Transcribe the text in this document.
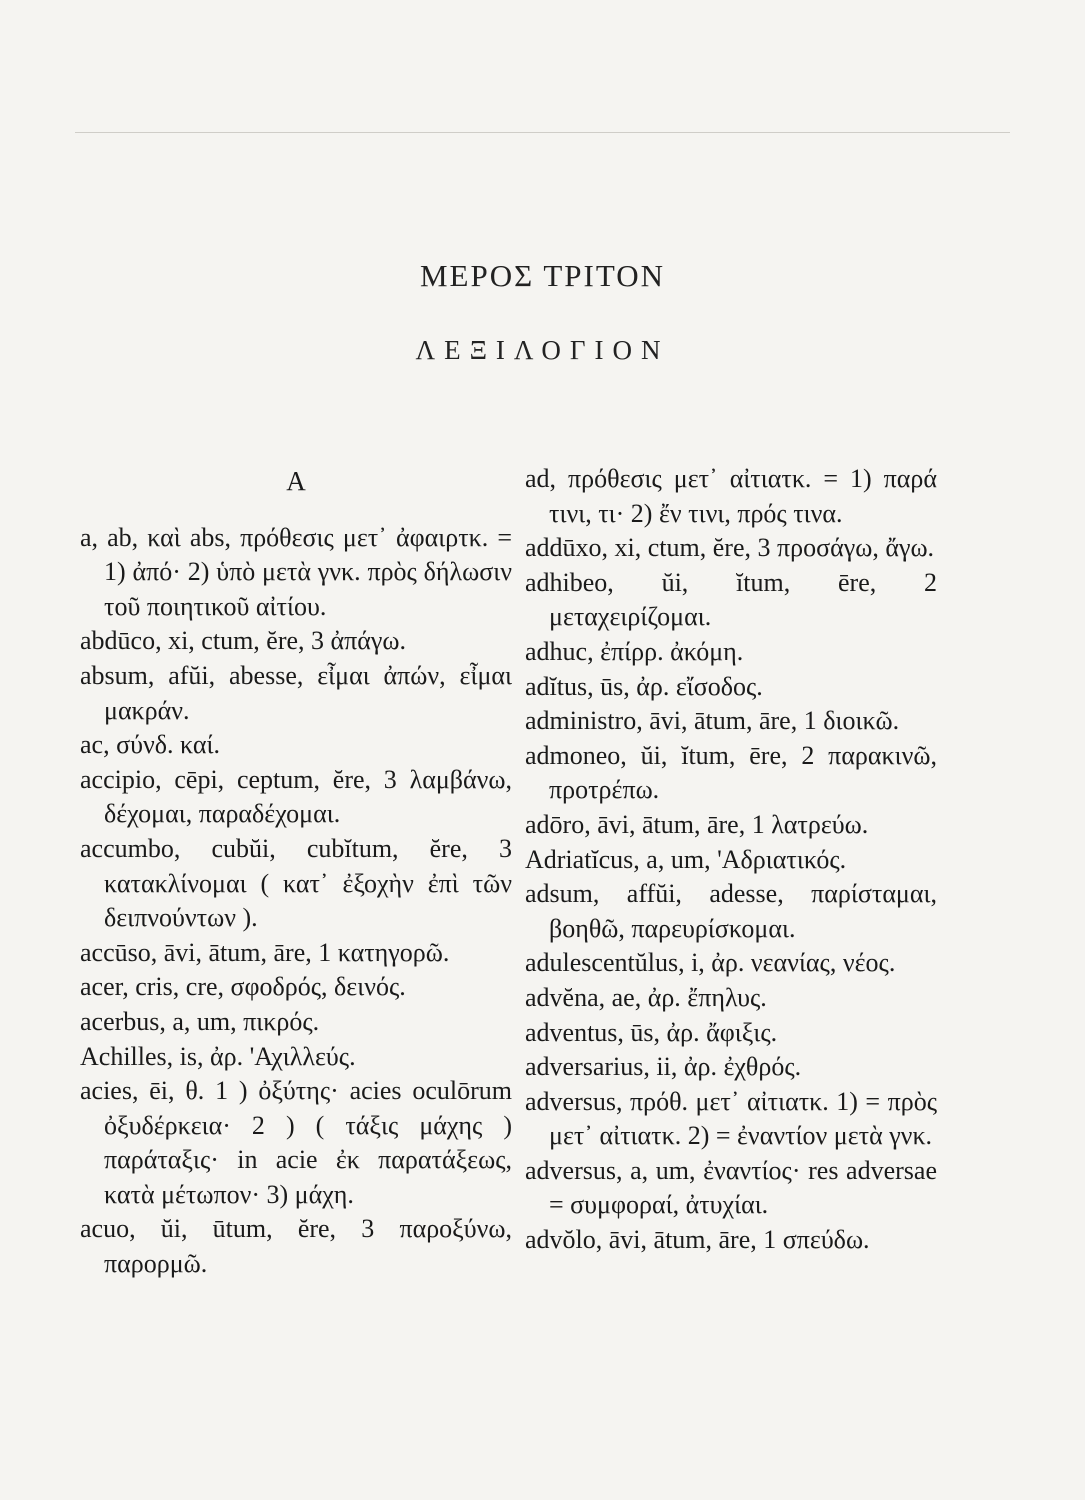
ΜΕΡΟΣ ΤΡΙΤΟΝ
ΛΕΞΙΛΟΓΙΟΝ
Α

a, ab, καὶ abs, πρόθεσις μετ᾽ ἀφαιρτκ. = 1) ἀπό· 2) ὑπὸ μετὰ γνκ. πρὸς δήλωσιν τοῦ ποιητικοῦ αἰτίου.

abdūco, xi, ctum, ĕre, 3 ἀπάγω.

absum, afŭi, abesse, εἶμαι ἀπών, εἶμαι μακράν.

ac, σύνδ. καί.

accipio, cēpi, ceptum, ĕre, 3 λαμβάνω, δέχομαι, παραδέχομαι.

accumbo, cubŭi, cubĭtum, ĕre, 3 κατακλίνομαι ( κατ᾽ ἐξοχὴν ἐπὶ τῶν δειπνούντων ).

accūso, āvi, ātum, āre, 1 κατηγορῶ.

acer, cris, cre, σφοδρός, δεινός.

acerbus, a, um, πικρός.

Achilles, is, ἀρ. 'Αχιλλεύς.

acies, ēi, θ. 1 ) ὀξύτης· acies oculōrum ὀξυδέρκεια· 2 ) ( τάξις μάχης ) παράταξις· in acie ἐκ παρατάξεως, κατὰ μέτωπον· 3) μάχη.

acuo, ŭi, ūtum, ĕre, 3 παροξύνω, παρορμῶ.

ad, πρόθεσις μετ᾽ αἰτιατκ. = 1) παρά τινι, τι· 2) ἔν τινι, πρός τινα.

addūxo, xi, ctum, ĕre, 3 προσάγω, ἄγω.

adhibeo, ŭi, ĭtum, ēre, 2 μεταχειρίζομαι.

adhuc, ἐπίρρ. ἀκόμη.

adĭtus, ūs, ἀρ. εἴσοδος.

administro, āvi, ātum, āre, 1 διοικῶ.

admoneo, ŭi, ĭtum, ēre, 2 παρακινῶ, προτρέπω.

adōro, āvi, ātum, āre, 1 λατρεύω.

Adriatĭcus, a, um, 'Αδριατικός.

adsum, affŭi, adesse, παρίσταμαι, βοηθῶ, παρευρίσκομαι.

adulescentŭlus, i, ἀρ. νεανίας, νέος.

advĕna, ae, ἀρ. ἔπηλυς.

adventus, ūs, ἀρ. ἄφιξις.

adversarius, ii, ἀρ. ἐχθρός.

adversus, πρόθ. μετ᾽ αἰτιατκ. 1) = πρὸς μετ᾽ αἰτιατκ. 2) = ἐναντίον μετὰ γνκ.

adversus, a, um, ἐναντίος· res adversae = συμφοραί, ἀτυχίαι.

advŏlo, āvi, ātum, āre, 1 σπεύδω.
